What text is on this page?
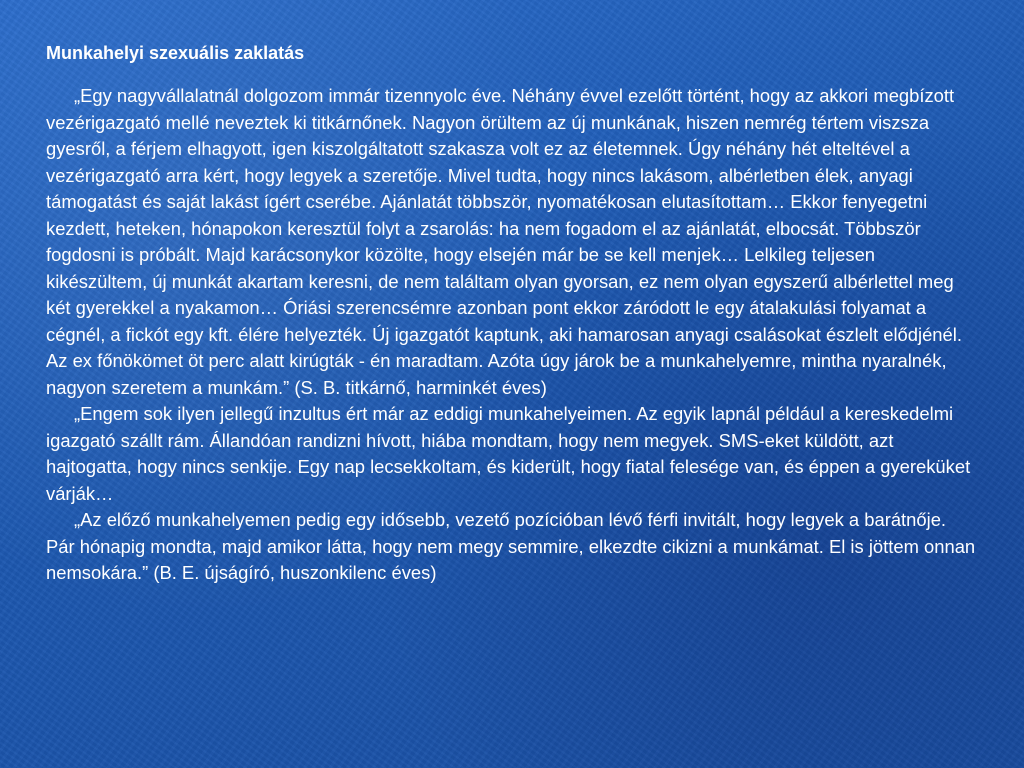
Munkahelyi szexuális zaklatás

„Egy nagyvállalatnál dolgozom immár tizennyolc éve. Néhány évvel ezelőtt történt, hogy az akkori megbízott vezérigazgató mellé neveztek ki titkárnőnek. Nagyon örültem az új munkának, hiszen nemrég tértem viszsza gyesről, a férjem elhagyott, igen kiszolgáltatott szakasza volt ez az életemnek. Úgy néhány hét elteltével a vezérigazgató arra kért, hogy legyek a szeretője. Mivel tudta, hogy nincs lakásom, albérletben élek, anyagi támogatást és saját lakást ígért cserébe. Ajánlatát többször, nyomatékosan elutasítottam… Ekkor fenyegetni kezdett, heteken, hónapokon keresztül folyt a zsarolás: ha nem fogadom el az ajánlatát, elbocsát. Többször fogdosni is próbált. Majd karácsonykor közölte, hogy elsején már be se kell menjek… Lelkileg teljesen kikészültem, új munkát akartam keresni, de nem találtam olyan gyorsan, ez nem olyan egyszerű albérlettel meg két gyerekkel a nyakamon… Óriási szerencsémre azonban pont ekkor záródott le egy átalakulási folyamat a cégnél, a fickót egy kft. élére helyezték. Új igazgatót kaptunk, aki hamarosan anyagi csalásokat észlelt elődjénél. Az ex főnökömet öt perc alatt kirúgták - én maradtam. Azóta úgy járok be a munkahelyemre, mintha nyaralnék, nagyon szeretem a munkám.” (S. B. titkárnő, harminkét éves)

„Engem sok ilyen jellegű inzultus ért már az eddigi munkahelyeimen. Az egyik lapnál például a kereskedelmi igazgató szállt rám. Állandóan randizni hívott, hiába mondtam, hogy nem megyek. SMS-eket küldött, azt hajtogatta, hogy nincs senkije. Egy nap lecsekkoltam, és kiderült, hogy fiatal felesége van, és éppen a gyereküket várják…

„Az előző munkahelyemen pedig egy idősebb, vezető pozícióban lévő férfi invitált, hogy legyek a barátnője. Pár hónapig mondta, majd amikor látta, hogy nem megy semmire, elkezdte cikizni a munkámat. El is jöttem onnan nemsokára.” (B. E. újságíró, huszonkilenc éves)
